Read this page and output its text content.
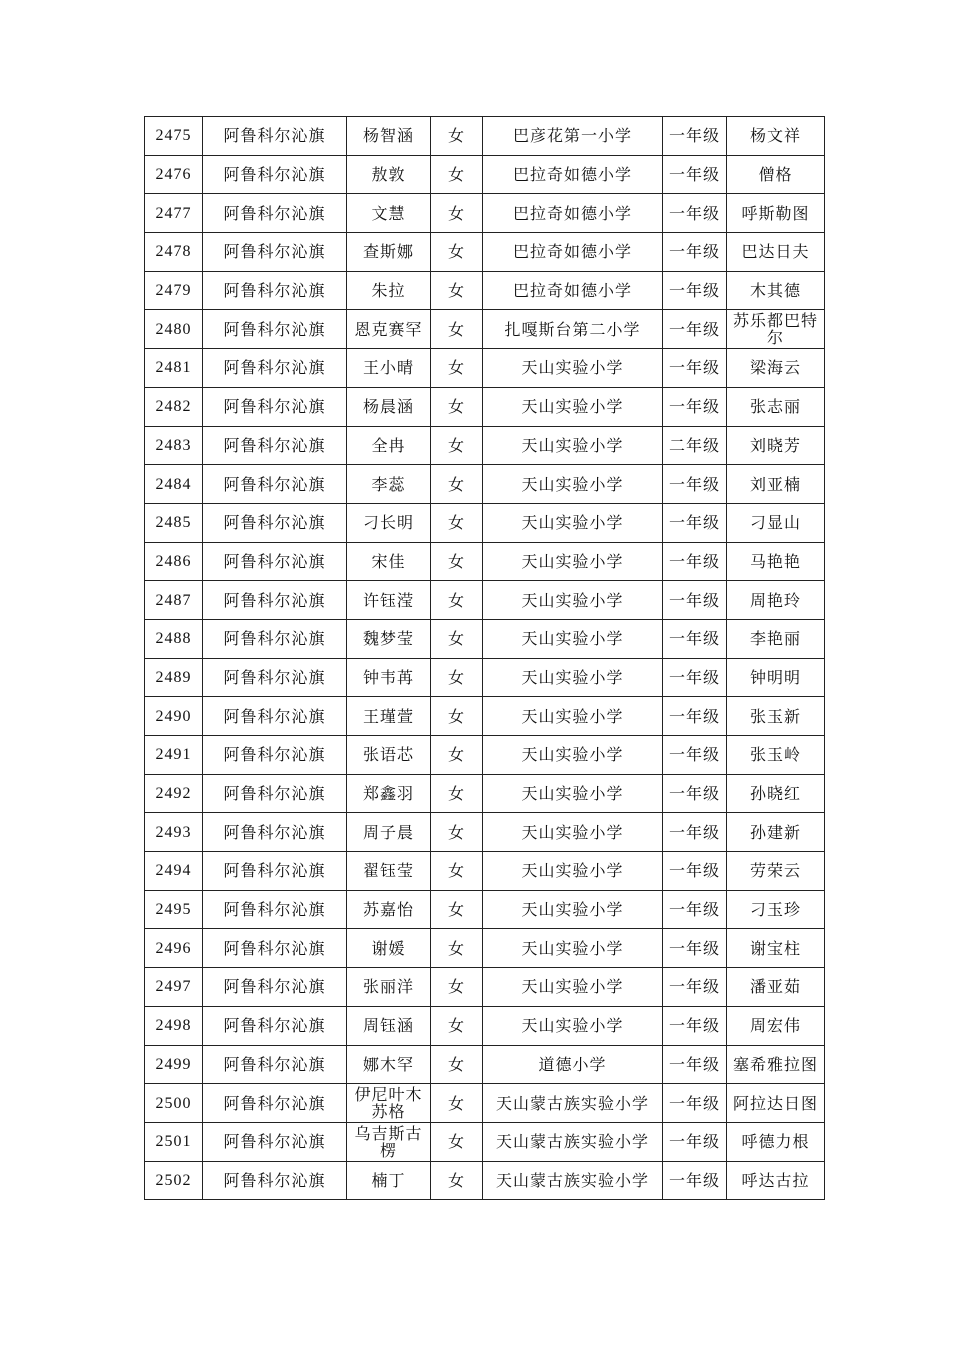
2475	阿鲁科尔沁旗	杨智涵	女	巴彦花第一小学	一年级	杨文祥
2476	阿鲁科尔沁旗	敖敦	女	巴拉奇如德小学	一年级	僧格
2477	阿鲁科尔沁旗	文慧	女	巴拉奇如德小学	一年级	呼斯勒图
2478	阿鲁科尔沁旗	查斯娜	女	巴拉奇如德小学	一年级	巴达日夫
2479	阿鲁科尔沁旗	朱拉	女	巴拉奇如德小学	一年级	木其德
2480	阿鲁科尔沁旗	恩克赛罕	女	扎嘎斯台第二小学	一年级	苏乐都巴特尔
2481	阿鲁科尔沁旗	王小晴	女	天山实验小学	一年级	梁海云
2482	阿鲁科尔沁旗	杨晨涵	女	天山实验小学	一年级	张志丽
2483	阿鲁科尔沁旗	全冉	女	天山实验小学	二年级	刘晓芳
2484	阿鲁科尔沁旗	李蕊	女	天山实验小学	一年级	刘亚楠
2485	阿鲁科尔沁旗	刁长明	女	天山实验小学	一年级	刁显山
2486	阿鲁科尔沁旗	宋佳	女	天山实验小学	一年级	马艳艳
2487	阿鲁科尔沁旗	许钰滢	女	天山实验小学	一年级	周艳玲
2488	阿鲁科尔沁旗	魏梦莹	女	天山实验小学	一年级	李艳丽
2489	阿鲁科尔沁旗	钟韦苒	女	天山实验小学	一年级	钟明明
2490	阿鲁科尔沁旗	王瑾萱	女	天山实验小学	一年级	张玉新
2491	阿鲁科尔沁旗	张语芯	女	天山实验小学	一年级	张玉岭
2492	阿鲁科尔沁旗	郑鑫羽	女	天山实验小学	一年级	孙晓红
2493	阿鲁科尔沁旗	周子晨	女	天山实验小学	一年级	孙建新
2494	阿鲁科尔沁旗	翟钰莹	女	天山实验小学	一年级	劳荣云
2495	阿鲁科尔沁旗	苏嘉怡	女	天山实验小学	一年级	刁玉珍
2496	阿鲁科尔沁旗	谢媛	女	天山实验小学	一年级	谢宝柱
2497	阿鲁科尔沁旗	张丽洋	女	天山实验小学	一年级	潘亚茹
2498	阿鲁科尔沁旗	周钰涵	女	天山实验小学	一年级	周宏伟
2499	阿鲁科尔沁旗	娜木罕	女	道德小学	一年级	塞希雅拉图
2500	阿鲁科尔沁旗	伊尼叶木苏格	女	天山蒙古族实验小学	一年级	阿拉达日图
2501	阿鲁科尔沁旗	乌吉斯古楞	女	天山蒙古族实验小学	一年级	呼德力根
2502	阿鲁科尔沁旗	楠丁	女	天山蒙古族实验小学	一年级	呼达古拉
